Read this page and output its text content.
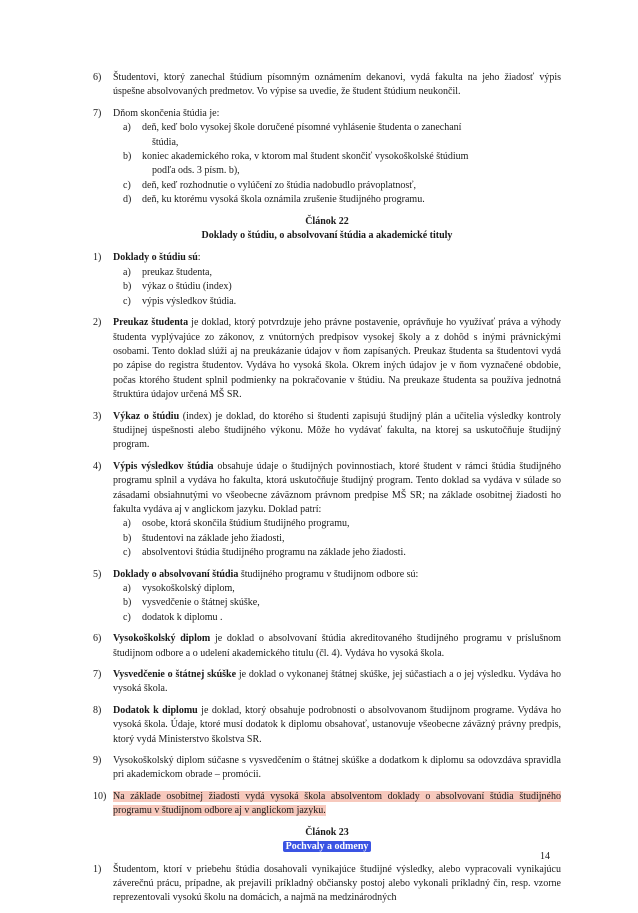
6) Študentovi, ktorý zanechal štúdium písomným oznámením dekanovi, vydá fakulta na jeho žiadosť výpis úspešne absolvovaných predmetov. Vo výpise sa uvedie, že študent štúdium neukončil.
7) Dňom skončenia štúdia je:
a) deň, keď bolo vysokej škole doručené písomné vyhlásenie študenta o zanechaní
štúdia,
b) koniec akademického roka, v ktorom mal študent skončiť vysokoškolské štúdium
podľa ods. 3 písm. b),
c) deň, keď rozhodnutie o vylúčení zo štúdia nadobudlo právoplatnosť,
d) deň, ku ktorému vysoká škola oznámila zrušenie študijného programu.
Článok 22
Doklady o štúdiu, o absolvovaní štúdia a akademické tituly
1) Doklady o štúdiu sú:
a) preukaz študenta,
b) výkaz o štúdiu (index)
c) výpis výsledkov štúdia.
2) Preukaz študenta je doklad, ktorý potvrdzuje jeho právne postavenie, oprávňuje ho využívať práva a výhody študenta vyplývajúce zo zákonov, z vnútorných predpisov vysokej školy a z dohôd s inými právnickými osobami. Tento doklad slúži aj na preukázanie údajov v ňom zapísaných. Preukaz študenta sa študentovi vydá po zápise do registra študentov. Vydáva ho vysoká škola. Okrem iných údajov je v ňom vyznačené obdobie, počas ktorého študent splnil podmienky na pokračovanie v štúdiu. Na preukaze študenta sa používa jednotná štruktúra údajov určená MŠ SR.
3) Výkaz o štúdiu (index) je doklad, do ktorého si študenti zapisujú študijný plán a učitelia výsledky kontroly študijnej úspešnosti alebo študijného výkonu. Môže ho vydávať fakulta, na ktorej sa uskutočňuje študijný program.
4) Výpis výsledkov štúdia obsahuje údaje o študijných povinnostiach, ktoré študent v rámci štúdia študijného programu splnil a vydáva ho fakulta, ktorá uskutočňuje študijný program. Tento doklad sa vydáva v súlade so zásadami obsiahnutými vo všeobecne záväznom právnom predpise MŠ SR; na základe osobitnej žiadosti ho fakulta vydáva aj v anglickom jazyku. Doklad patrí:
a) osobe, ktorá skončila štúdium študijného programu,
b) študentovi na základe jeho žiadosti,
c) absolventovi štúdia študijného programu na základe jeho žiadosti.
5) Doklady o absolvovaní štúdia študijného programu v študijnom odbore sú:
a) vysokoškolský diplom,
b) vysvedčenie o štátnej skúške,
c) dodatok k diplomu .
6) Vysokoškolský diplom je doklad o absolvovaní štúdia akreditovaného študijného programu v príslušnom študijnom odbore a o udelení akademického titulu (čl. 4). Vydáva ho vysoká škola.
7) Vysvedčenie o štátnej skúške je doklad o vykonanej štátnej skúške, jej súčastiach a o jej výsledku. Vydáva ho vysoká škola.
8) Dodatok k diplomu je doklad, ktorý obsahuje podrobnosti o absolvovanom študijnom programe. Vydáva ho vysoká škola. Údaje, ktoré musí dodatok k diplomu obsahovať, ustanovuje všeobecne záväzný právny predpis, ktorý vydá Ministerstvo školstva SR.
9) Vysokoškolský diplom súčasne s vysvedčením o štátnej skúške a dodatkom k diplomu sa odovzdáva spravidla pri akademickom obrade – promócii.
10) Na základe osobitnej žiadosti vydá vysoká škola absolventom doklady o absolvovaní štúdia študijného programu v študijnom odbore aj v anglickom jazyku.
Článok 23
Pochvaly a odmeny
1) Študentom, ktorí v priebehu štúdia dosahovali vynikajúce študijné výsledky, alebo vypracovali vynikajúcu záverečnú prácu, prípadne, ak prejavili príkladný občiansky postoj alebo vykonali príkladný čin, resp. vzorne reprezentovali vysokú školu na domácich, a najmä na medzinárodných
14
